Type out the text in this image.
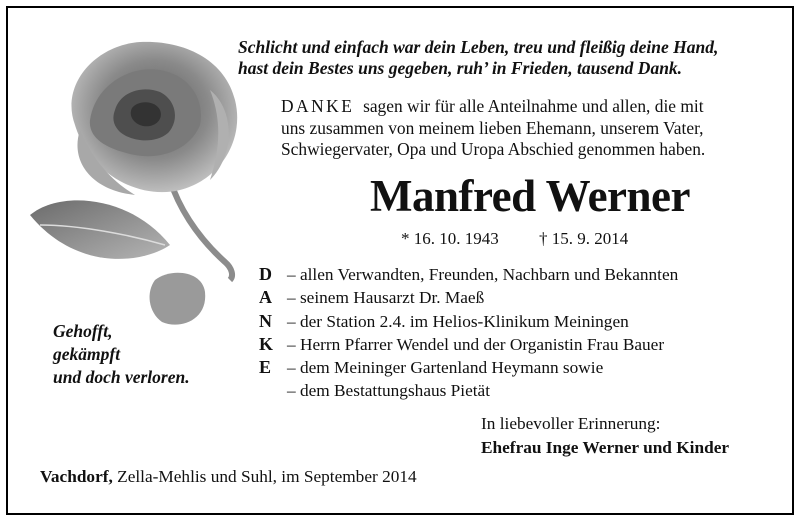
Schlicht und einfach war dein Leben, treu und fleißig deine Hand,
hast dein Bestes uns gegeben, ruh’ in Frieden, tausend Dank.
DANKE sagen wir für alle Anteilnahme und allen, die mit
uns zusammen von meinem lieben Ehemann, unserem Vater,
Schwiegervater, Opa und Uropa Abschied genommen haben.
Manfred Werner
* 16. 10. 1943 † 15. 9. 2014
D
A
N
K
E
– allen Verwandten, Freunden, Nachbarn und Bekannten
– seinem Hausarzt Dr. Maeß
– der Station 2.4. im Helios-Klinikum Meiningen
– Herrn Pfarrer Wendel und der Organistin Frau Bauer
– dem Meininger Gartenland Heymann sowie
– dem Bestattungshaus Pietät
Gehofft,
gekämpft
und doch verloren.
In liebevoller Erinnerung:
Ehefrau Inge Werner und Kinder
Vachdorf, Zella-Mehlis und Suhl, im September 2014
